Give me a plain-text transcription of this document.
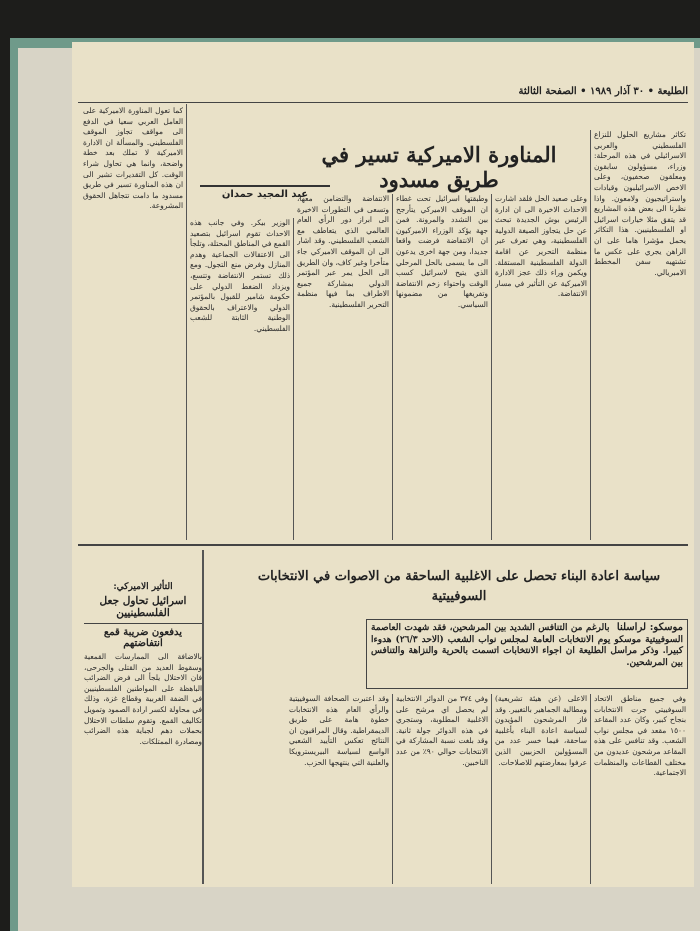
الطليعة • ٣٠ آذار ١٩٨٩ • الصفحة الثالثة
المناورة الاميركية تسير في طريق مسدود
عبد المجيد حمدان
تكاثر مشاريع الحلول للنزاع الفلسطيني والعربي الاسرائيلي في هذه المرحلة: وزراء، مسؤولون سابقون ومعلقون صحفيون، وعلى الاخص الاسرائيليون وقيادات واستراتيجيون ولامعون. واذا نظرنا الى بعض هذه المشاريع قد يتفق مثلا خيارات اسرائيل او الفلسطينيين. هذا التكاثر يحمل مؤشرا هاما على ان الراهن يجري على عكس ما تشتهيه سفن المخطط الامبريالي.
وعلى صعيد الحل فلقد اشارت الاحداث الاخيرة الى ان ادارة الرئيس بوش الجديدة تبحث عن حل يتجاوز الصيغة الدولية الفلسطينية، وهي تعرف عبر منظمة التحرير عن اقامة الدولة الفلسطينية المستقلة. ويكمن وراء ذلك عجز الادارة الاميركية عن التأثير في مسار الانتفاضة.
وطبقتها اسرائيل تحت غطاء ان الموقف الاميركي يتأرجح بين التشدد والمرونة. فمن جهة يؤكد الوزراء الاميركيون ان الانتفاضة فرضت واقعا جديدا، ومن جهة اخرى يدعون الى ما يسمى بالحل المرحلي الذي يتيح لاسرائيل كسب الوقت واحتواء زخم الانتفاضة وتفريغها من مضمونها السياسي.
الانتفاضة والتضامن معها، وتسعى في التطورات الاخيرة الى ابراز دور الرأي العام العالمي الذي يتعاطف مع الشعب الفلسطيني. وقد اشار الى ان الموقف الاميركي جاء متأخرا وغير كاف، وان الطريق الى الحل يمر عبر المؤتمر الدولي بمشاركة جميع الاطراف بما فيها منظمة التحرير الفلسطينية.
الوزير بيكر. وفي جانب هذه الاحداث تقوم اسرائيل بتصعيد القمع في المناطق المحتلة، وتلجأ الى الاعتقالات الجماعية وهدم المنازل وفرض منع التجول. ومع ذلك تستمر الانتفاضة وتتسع، ويزداد الضغط الدولي على حكومة شامير للقبول بالمؤتمر الدولي والاعتراف بالحقوق الوطنية الثابتة للشعب الفلسطيني.
كما تعول المناورة الاميركية على العامل العربي سعيا في الدفع الى مواقف تجاوز الموقف الفلسطيني. والمسألة ان الادارة الاميركية لا تملك بعد خطة واضحة، وانما هي تحاول شراء الوقت. كل التقديرات تشير الى ان هذه المناورة تسير في طريق مسدود ما دامت تتجاهل الحقوق المشروعة.
سياسة اعادة البناء تحصل على الاغلبية الساحقة من الاصوات في الانتخابات السوفييتية
موسكو: لراسلنا بالرغم من التنافس الشديد بين المرشحين، فقد شهدت العاصمة السوفييتية موسكو يوم الانتخابات العامة لمجلس نواب الشعب (الاحد ٢٦/٣) هدوءا كبيرا. وذكر مراسل الطليعة ان اجواء الانتخابات اتسمت بالحرية والنزاهة والتنافس بين المرشحين.
وفي جميع مناطق الاتحاد السوفييتي جرت الانتخابات بنجاح كبير، وكان عدد المقاعد ١٥٠٠ مقعد في مجلس نواب الشعب. وقد تنافس على هذه المقاعد مرشحون عديدون من مختلف القطاعات والمنظمات الاجتماعية.
الاعلى (عن هيئة تشريعية) ومطالبة الجماهير بالتغيير. وقد فاز المرشحون المؤيدون لسياسة اعادة البناء بأغلبية ساحقة، فيما خسر عدد من المسؤولين الحزبيين الذين عرفوا بمعارضتهم للاصلاحات.
وفي ٣٧٤ من الدوائر الانتخابية لم يحصل اي مرشح على الاغلبية المطلوبة، وستجري في هذه الدوائر جولة ثانية. وقد بلغت نسبة المشاركة في الانتخابات حوالي ٩٠٪ من عدد الناخبين.
وقد اعتبرت الصحافة السوفييتية والرأي العام هذه الانتخابات خطوة هامة على طريق الديمقراطية. وقال المراقبون ان النتائج تعكس التأييد الشعبي الواسع لسياسة البيريسترويكا والعلنية التي ينتهجها الحزب.
التأثير الاميركي:
اسرائيل تحاول جعل الفلسطينيين
يدفعون ضريبة قمع انتفاضتهم
بالاضافة الى الممارسات القمعية وسقوط العديد من القتلى والجرحى، فان الاحتلال يلجأ الى فرض الضرائب الباهظة على المواطنين الفلسطينيين في الضفة الغربية وقطاع غزة، وذلك في محاولة لكسر ارادة الصمود وتمويل تكاليف القمع. وتقوم سلطات الاحتلال بحملات دهم لجباية هذه الضرائب ومصادرة الممتلكات.
